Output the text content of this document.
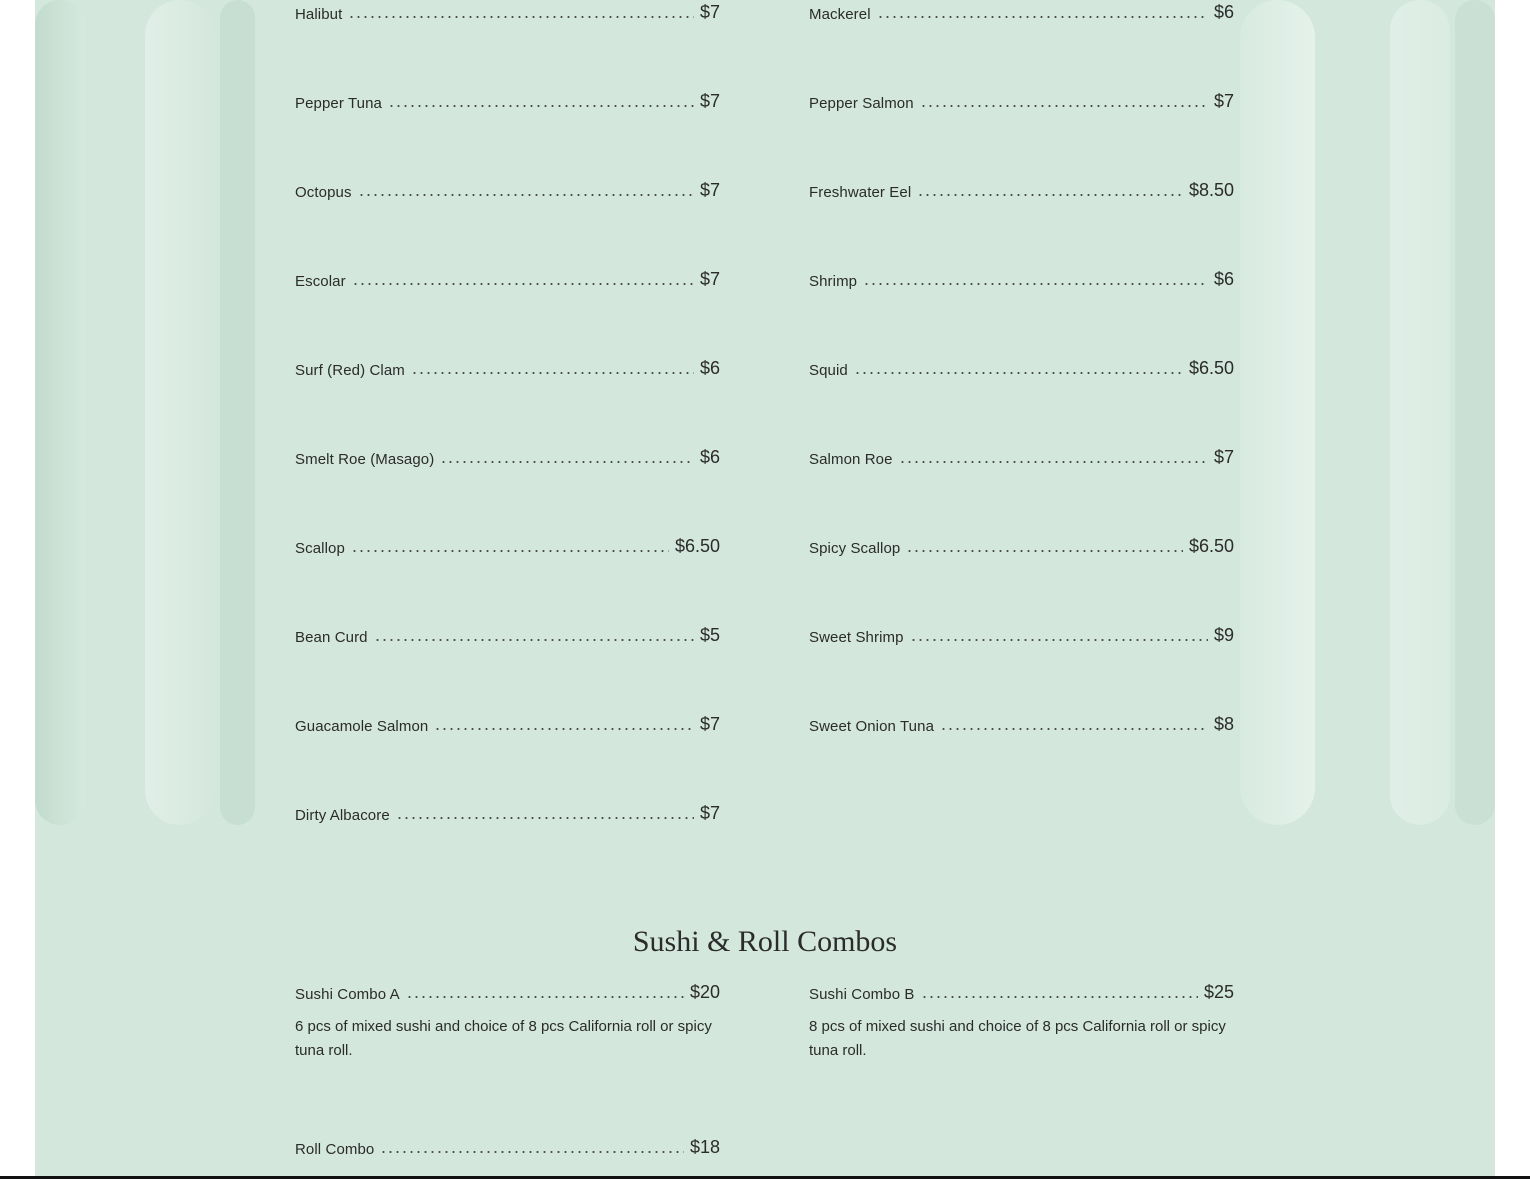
Halibut	$7
Pepper Tuna	$7
Octopus	$7
Escolar	$7
Surf (Red) Clam	$6
Smelt Roe (Masago)	$6
Scallop	$6.50
Bean Curd	$5
Guacamole Salmon	$7
Dirty Albacore	$7
Mackerel	$6
Pepper Salmon	$7
Freshwater Eel	$8.50
Shrimp	$6
Squid	$6.50
Salmon Roe	$7
Spicy Scallop	$6.50
Sweet Shrimp	$9
Sweet Onion Tuna	$8
Sushi & Roll Combos
Sushi Combo A	$20
6 pcs of mixed sushi and choice of 8 pcs California roll or spicy tuna roll.
Sushi Combo B	$25
8 pcs of mixed sushi and choice of 8 pcs California roll or spicy tuna roll.
Roll Combo	$18
